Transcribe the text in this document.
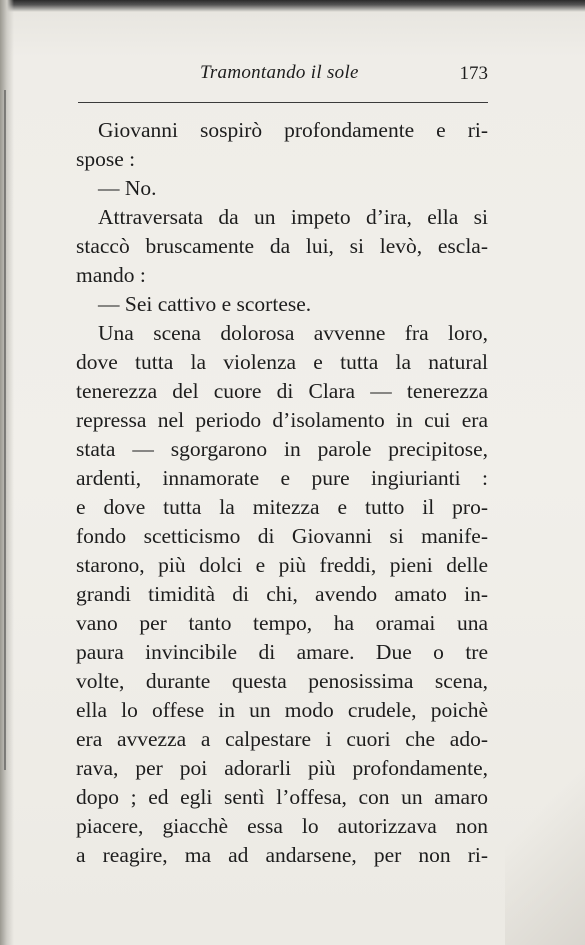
Tramontando il sole	173
Giovanni sospirò profondamente e ri-
spose :
— No.
Attraversata da un impeto d’ira, ella si
staccò bruscamente da lui, si levò, escla-
mando :
— Sei cattivo e scortese.
Una scena dolorosa avvenne fra loro,
dove tutta la violenza e tutta la natural
tenerezza del cuore di Clara — tenerezza
repressa nel periodo d’isolamento in cui era
stata — sgorgarono in parole precipitose,
ardenti, innamorate e pure ingiurianti :
e dove tutta la mitezza e tutto il pro-
fondo scetticismo di Giovanni si manife-
starono, più dolci e più freddi, pieni delle
grandi timidità di chi, avendo amato in-
vano per tanto tempo, ha oramai una
paura invincibile di amare. Due o tre
volte, durante questa penosissima scena,
ella lo offese in un modo crudele, poichè
era avvezza a calpestare i cuori che ado-
rava, per poi adorarli più profondamente,
dopo ; ed egli sentì l’offesa, con un amaro
piacere, giacchè essa lo autorizzava non
a reagire, ma ad andarsene, per non ri-
